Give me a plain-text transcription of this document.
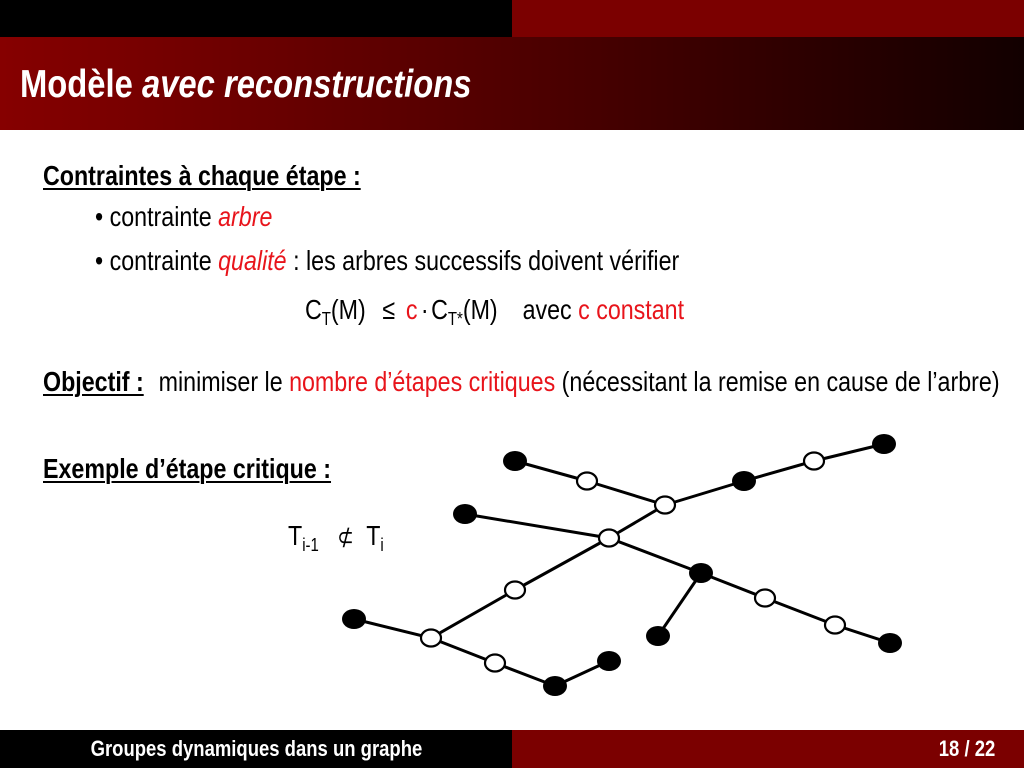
Modèle avec reconstructions
Contraintes à chaque étape :
• contrainte arbre
• contrainte qualité : les arbres successifs doivent vérifier
$C_T(M) \le c \cdot C_{T*}(M)$ avec c constant
Objectif : minimiser le nombre d’étapes critiques (nécessitant la remise en cause de l’arbre)
Exemple d’étape critique :
$T_{i-1}$ ⊄ $T_i$
Groupes dynamiques dans un graphe	18 / 22
